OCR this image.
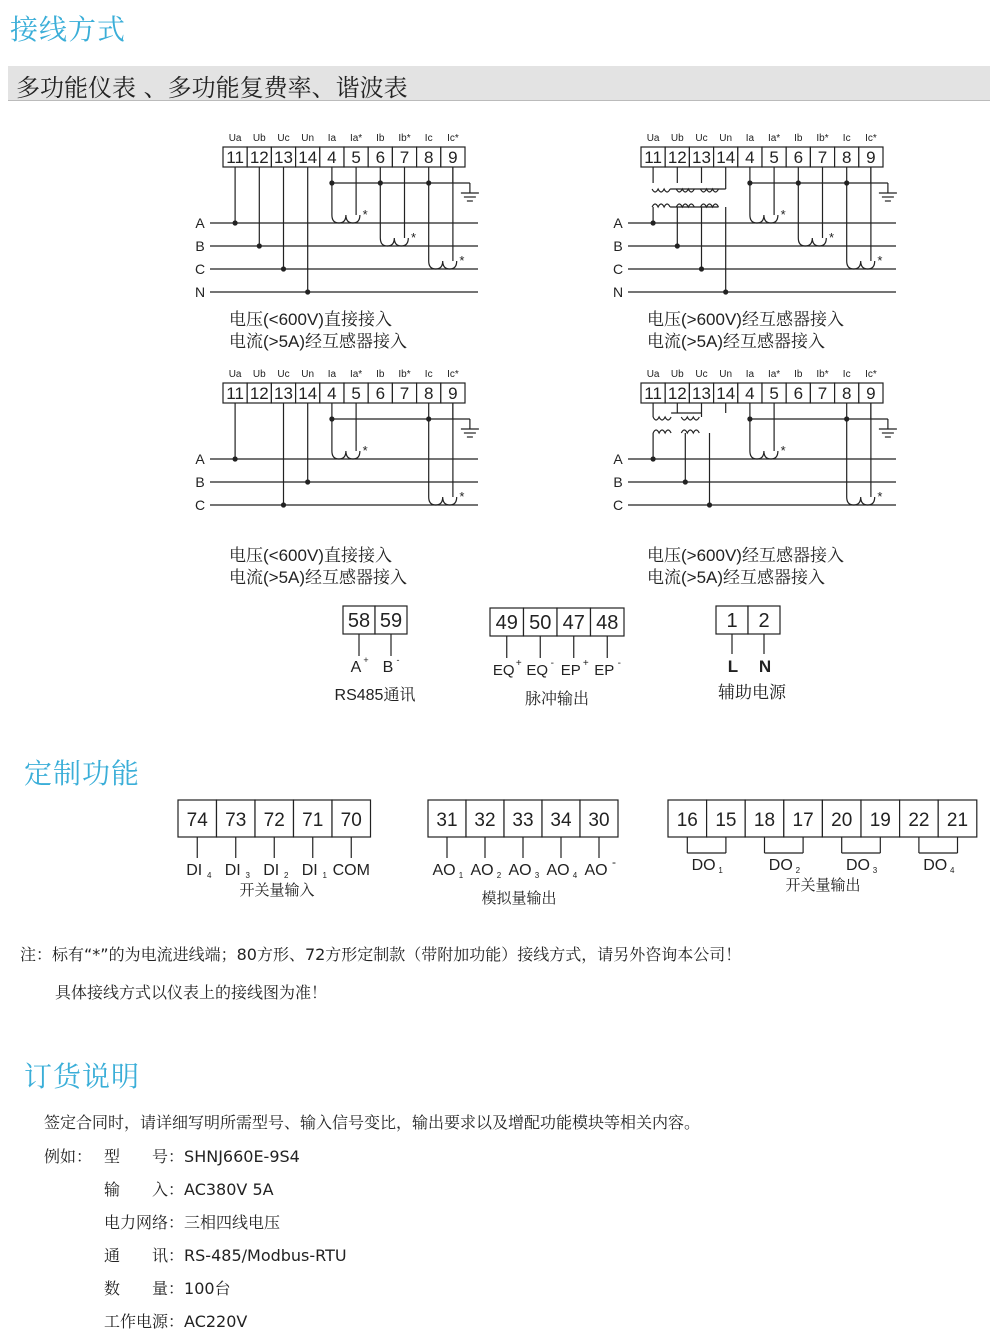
接线方式
多功能仪表 、多功能复费率、谐波表
Ua
11
Ub
12
Uc
13
Un
14
Ia
4
Ia*
5
Ib
6
Ib*
7
Ic
8
Ic*
9
A
B
C
N
*
*
*
电压(<600V)直接接入
电流(>5A)经互感器接入
Ua
11
Ub
12
Uc
13
Un
14
Ia
4
Ia*
5
Ib
6
Ib*
7
Ic
8
Ic*
9
A
B
C
N
*
*
*
电压(>600V)经互感器接入
电流(>5A)经互感器接入
Ua
11
Ub
12
Uc
13
Un
14
Ia
4
Ia*
5
Ib
6
Ib*
7
Ic
8
Ic*
9
A
B
C
*
*
电压(<600V)直接接入
电流(>5A)经互感器接入
Ua
11
Ub
12
Uc
13
Un
14
Ia
4
Ia*
5
Ib
6
Ib*
7
Ic
8
Ic*
9
A
B
C
*
*
电压(>600V)经互感器接入
电流(>5A)经互感器接入
58 59
A + B -
RS485通讯
49 50 47 48
EQ + EQ - EP + EP -
脉冲输出
1 2
L N
辅助电源
定制功能
74 73 72 71 70
DI 4 DI 3 DI 2 DI 1 COM
开关量输入
31 32 33 34 30
AO 1 AO 2 AO 3 AO 4 AO -
模拟量输出
16 15 18 17 20 19 22 21
DO 1	DO 2	DO 3	DO 4
开关量输出
注：标有“*”的为电流进线端；80方形、72方形定制款（带附加功能）接线方式，请另外咨询本公司！
具体接线方式以仪表上的接线图为准！
订货说明
签定合同时，请详细写明所需型号、输入信号变比，输出要求以及增配功能模块等相关内容。
例如： 型　　号：SHNJ660E-9S4
输　　入：AC380V 5A
电力网络：三相四线电压
通　　讯：RS-485/Modbus-RTU
数　　量：100台
工作电源：AC220V
